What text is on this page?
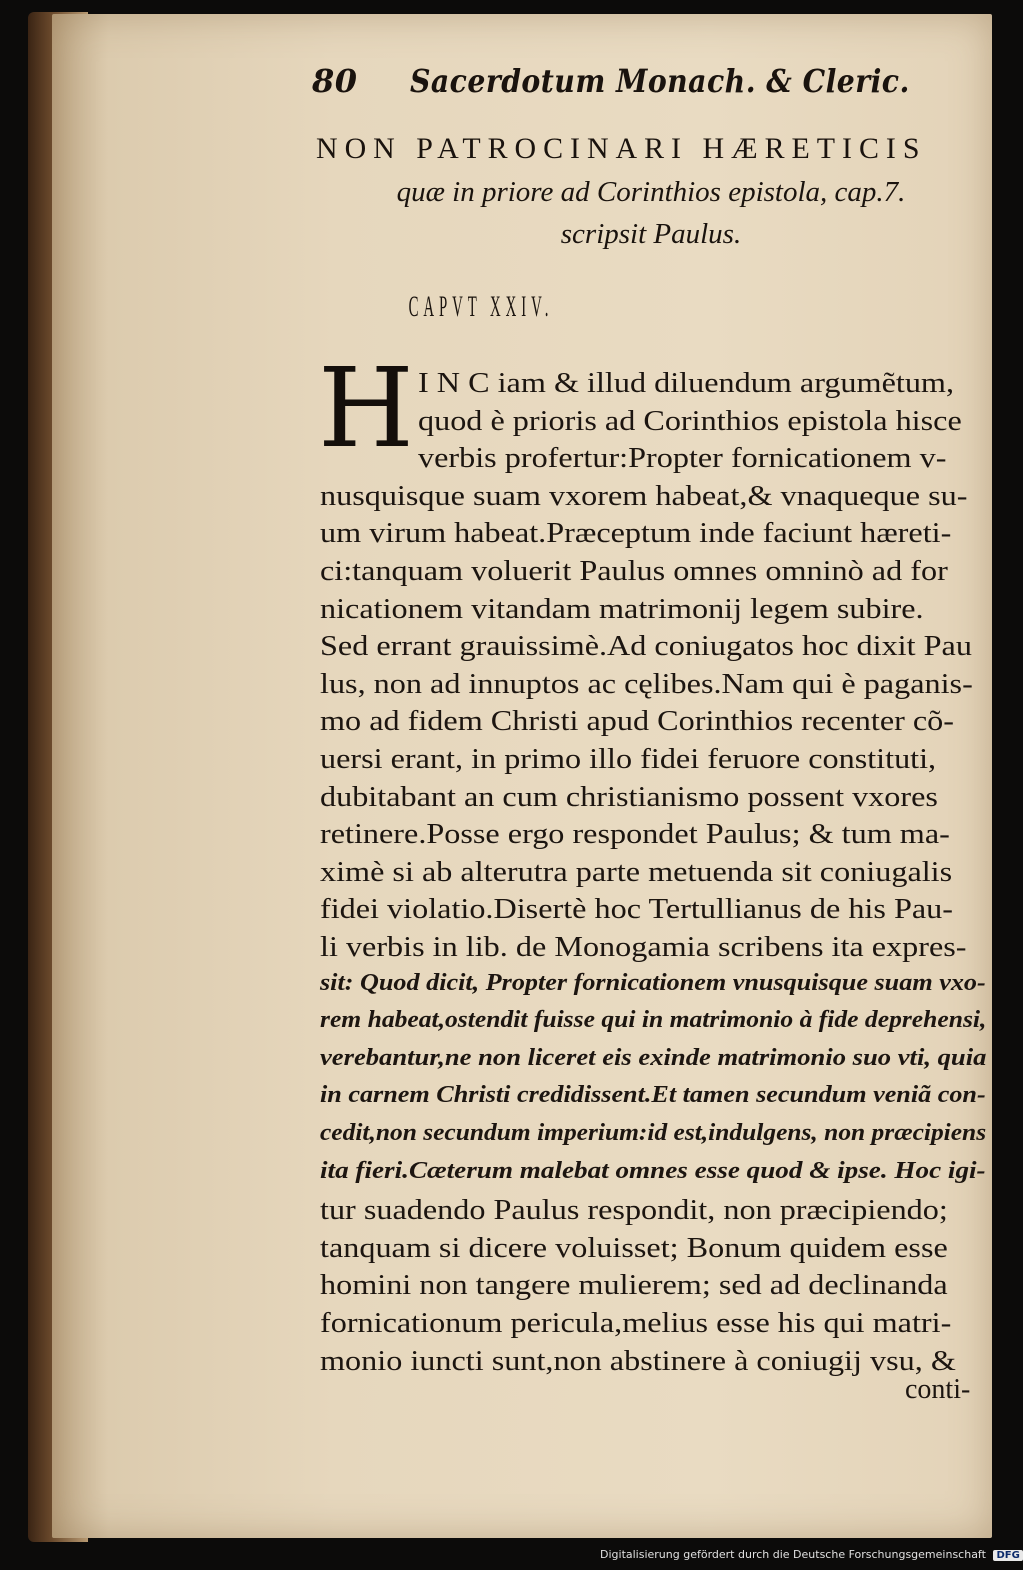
80 Sacerdotum Monach. & Cleric.
NON PATROCINARI HÆRETICIS
quæ in priore ad Corinthios epistola, cap.7.
scripsit Paulus.
CAPVT XXIV.
H I N C iam & illud diluendum argumẽtum,
quod è prioris ad Corinthios epistola hisce
verbis profertur:Propter fornicationem v-
nusquisque suam vxorem habeat,& vnaqueque su-
um virum habeat.Præceptum inde faciunt hæreti-
ci:tanquam voluerit Paulus omnes omninò ad for
nicationem vitandam matrimonij legem subire.
Sed errant grauissimè.Ad coniugatos hoc dixit Pau
lus, non ad innuptos ac cęlibes.Nam qui è paganis-
mo ad fidem Christi apud Corinthios recenter cõ-
uersi erant, in primo illo fidei feruore constituti,
dubitabant an cum christianismo possent vxores
retinere.Posse ergo respondet Paulus; & tum ma-
ximè si ab alterutra parte metuenda sit coniugalis
fidei violatio.Disertè hoc Tertullianus de his Pau-
li verbis in lib. de Monogamia scribens ita expres-
sit: Quod dicit, Propter fornicationem vnusquisque suam vxo-
rem habeat,ostendit fuisse qui in matrimonio à fide deprehensi,
verebantur,ne non liceret eis exinde matrimonio suo vti, quia
in carnem Christi credidissent.Et tamen secundum veniã con-
cedit,non secundum imperium:id est,indulgens, non præcipiens
ita fieri.Cæterum malebat omnes esse quod & ipse. Hoc igi-
tur suadendo Paulus respondit, non præcipiendo;
tanquam si dicere voluisset; Bonum quidem esse
homini non tangere mulierem; sed ad declinanda
fornicationum pericula,melius esse his qui matri-
monio iuncti sunt,non abstinere à coniugij vsu, &
conti-
Digitalisierung gefördert durch die Deutsche Forschungsgemeinschaft DFG
